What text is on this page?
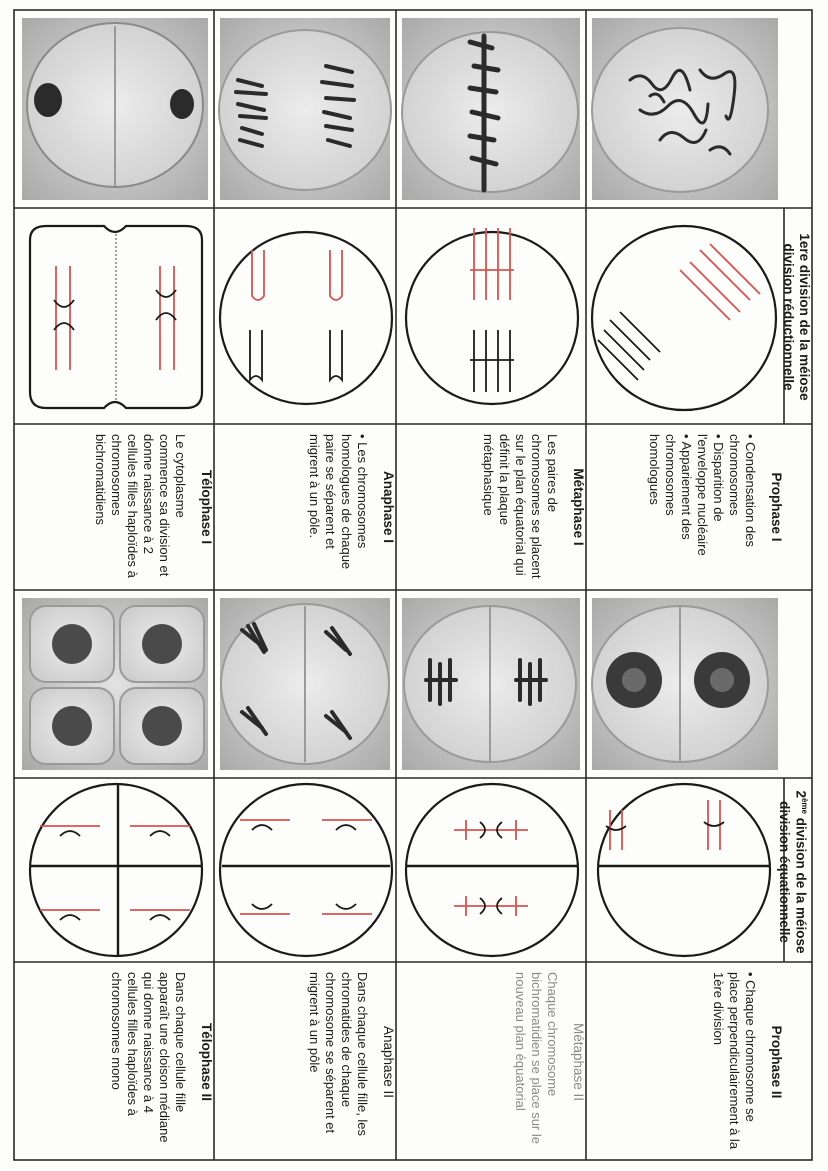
Télophase I
Le cytoplasme commence sa division et donne naissance à 2 cellules filles haploïdes à chromosomes bichromatidiens	Anaphase I
• Les chromosomes homologues de chaque paire se séparent et migrent à un pôle.	Métaphase I
Les paires de chromosomes se placent sur le plan équatorial qui définit la plaque métaphasique	Prophase I
• Condensation des chromosomes
• Disparition de l'enveloppe nucléaire
• Appariement des chromosomes homologues
Télophase II
Dans chaque cellule fille apparaît une cloison médiane qui donne naissance à 4 cellules filles haploïdes à chromosomes mono	Anaphase II
Dans chaque cellule fille, les chromatides de chaque chromosome se séparent et migrent à un pôle	Métaphase II
Chaque chromosome bichromatidien se place sur le nouveau plan équatorial	Prophase II
• Chaque chromosome se place perpendiculairement à la 1ère division
1ere division de la méiose
division réductionnelle
2ème division de la méiose
division équationnelle
